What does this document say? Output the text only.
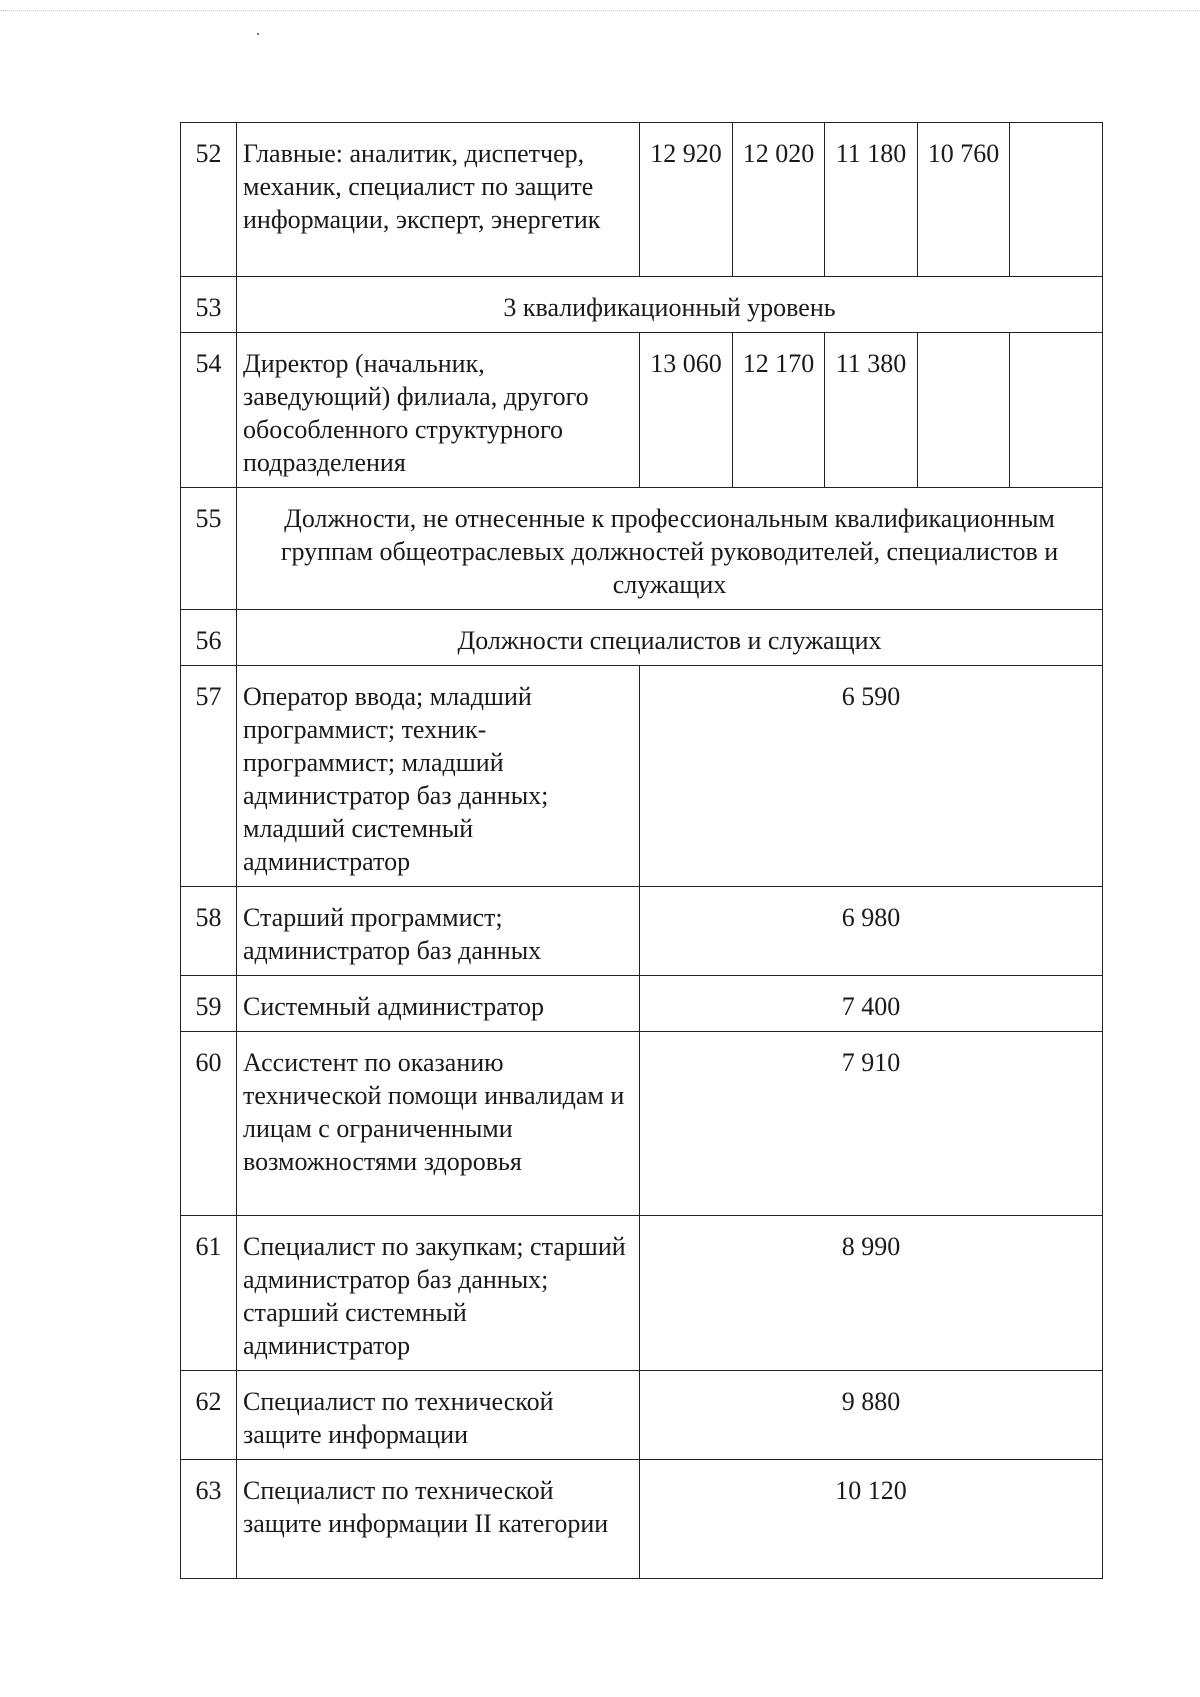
52	Главные: аналитик, диспетчер, механик, специалист по защите информации, эксперт, энергетик	12 920	12 020	11 180	10 760	
53	3 квалификационный уровень					
54	Директор (начальник, заведующий) филиала, другого обособленного структурного подразделения	13 060	12 170	11 380		
55	Должности, не отнесенные к профессиональным квалификационным группам общеотраслевых должностей руководителей, специалистов и служащих					
56	Должности специалистов и служащих					
57	Оператор ввода; младший программист; техник-программист; младший администратор баз данных; младший системный администратор	6 590				
58	Старший программист; администратор баз данных	6 980				
59	Системный администратор	7 400				
60	Ассистент по оказанию технической помощи инвалидам и лицам с ограниченными возможностями здоровья	7 910				
61	Специалист по закупкам; старший администратор баз данных; старший системный администратор	8 990				
62	Специалист по технической защите информации	9 880				
63	Специалист по технической защите информации II категории	10 120				
